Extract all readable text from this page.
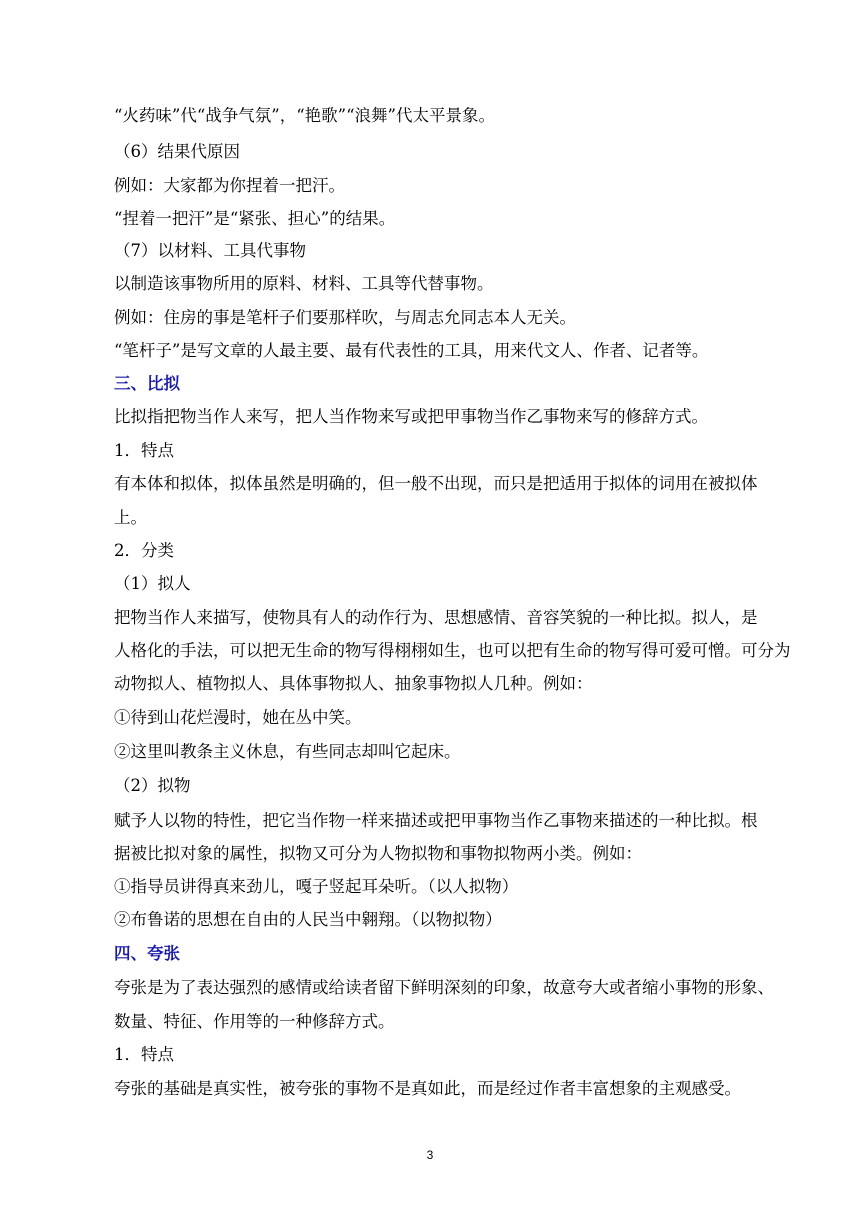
“火药味”代“战争气氛”，“艳歌”“浪舞”代太平景象。
（6）结果代原因
例如：大家都为你捏着一把汗。
“捏着一把汗”是“紧张、担心”的结果。
（7）以材料、工具代事物
以制造该事物所用的原料、材料、工具等代替事物。
例如：住房的事是笔杆子们要那样吹，与周志允同志本人无关。
“笔杆子”是写文章的人最主要、最有代表性的工具，用来代文人、作者、记者等。
三、比拟
比拟指把物当作人来写，把人当作物来写或把甲事物当作乙事物来写的修辞方式。
1．特点
有本体和拟体，拟体虽然是明确的，但一般不出现，而只是把适用于拟体的词用在被拟体
上。
2．分类
（1）拟人
把物当作人来描写，使物具有人的动作行为、思想感情、音容笑貌的一种比拟。拟人，是
人格化的手法，可以把无生命的物写得栩栩如生，也可以把有生命的物写得可爱可憎。可分为
动物拟人、植物拟人、具体事物拟人、抽象事物拟人几种。例如：
①待到山花烂漫时，她在丛中笑。
②这里叫教条主义休息，有些同志却叫它起床。
（2）拟物
赋予人以物的特性，把它当作物一样来描述或把甲事物当作乙事物来描述的一种比拟。根
据被比拟对象的属性，拟物又可分为人物拟物和事物拟物两小类。例如：
①指导员讲得真来劲儿，嘎子竖起耳朵听。（以人拟物）
②布鲁诺的思想在自由的人民当中翱翔。（以物拟物）
四、夸张
夸张是为了表达强烈的感情或给读者留下鲜明深刻的印象，故意夸大或者缩小事物的形象、
数量、特征、作用等的一种修辞方式。
1．特点
夸张的基础是真实性，被夸张的事物不是真如此，而是经过作者丰富想象的主观感受。
3
